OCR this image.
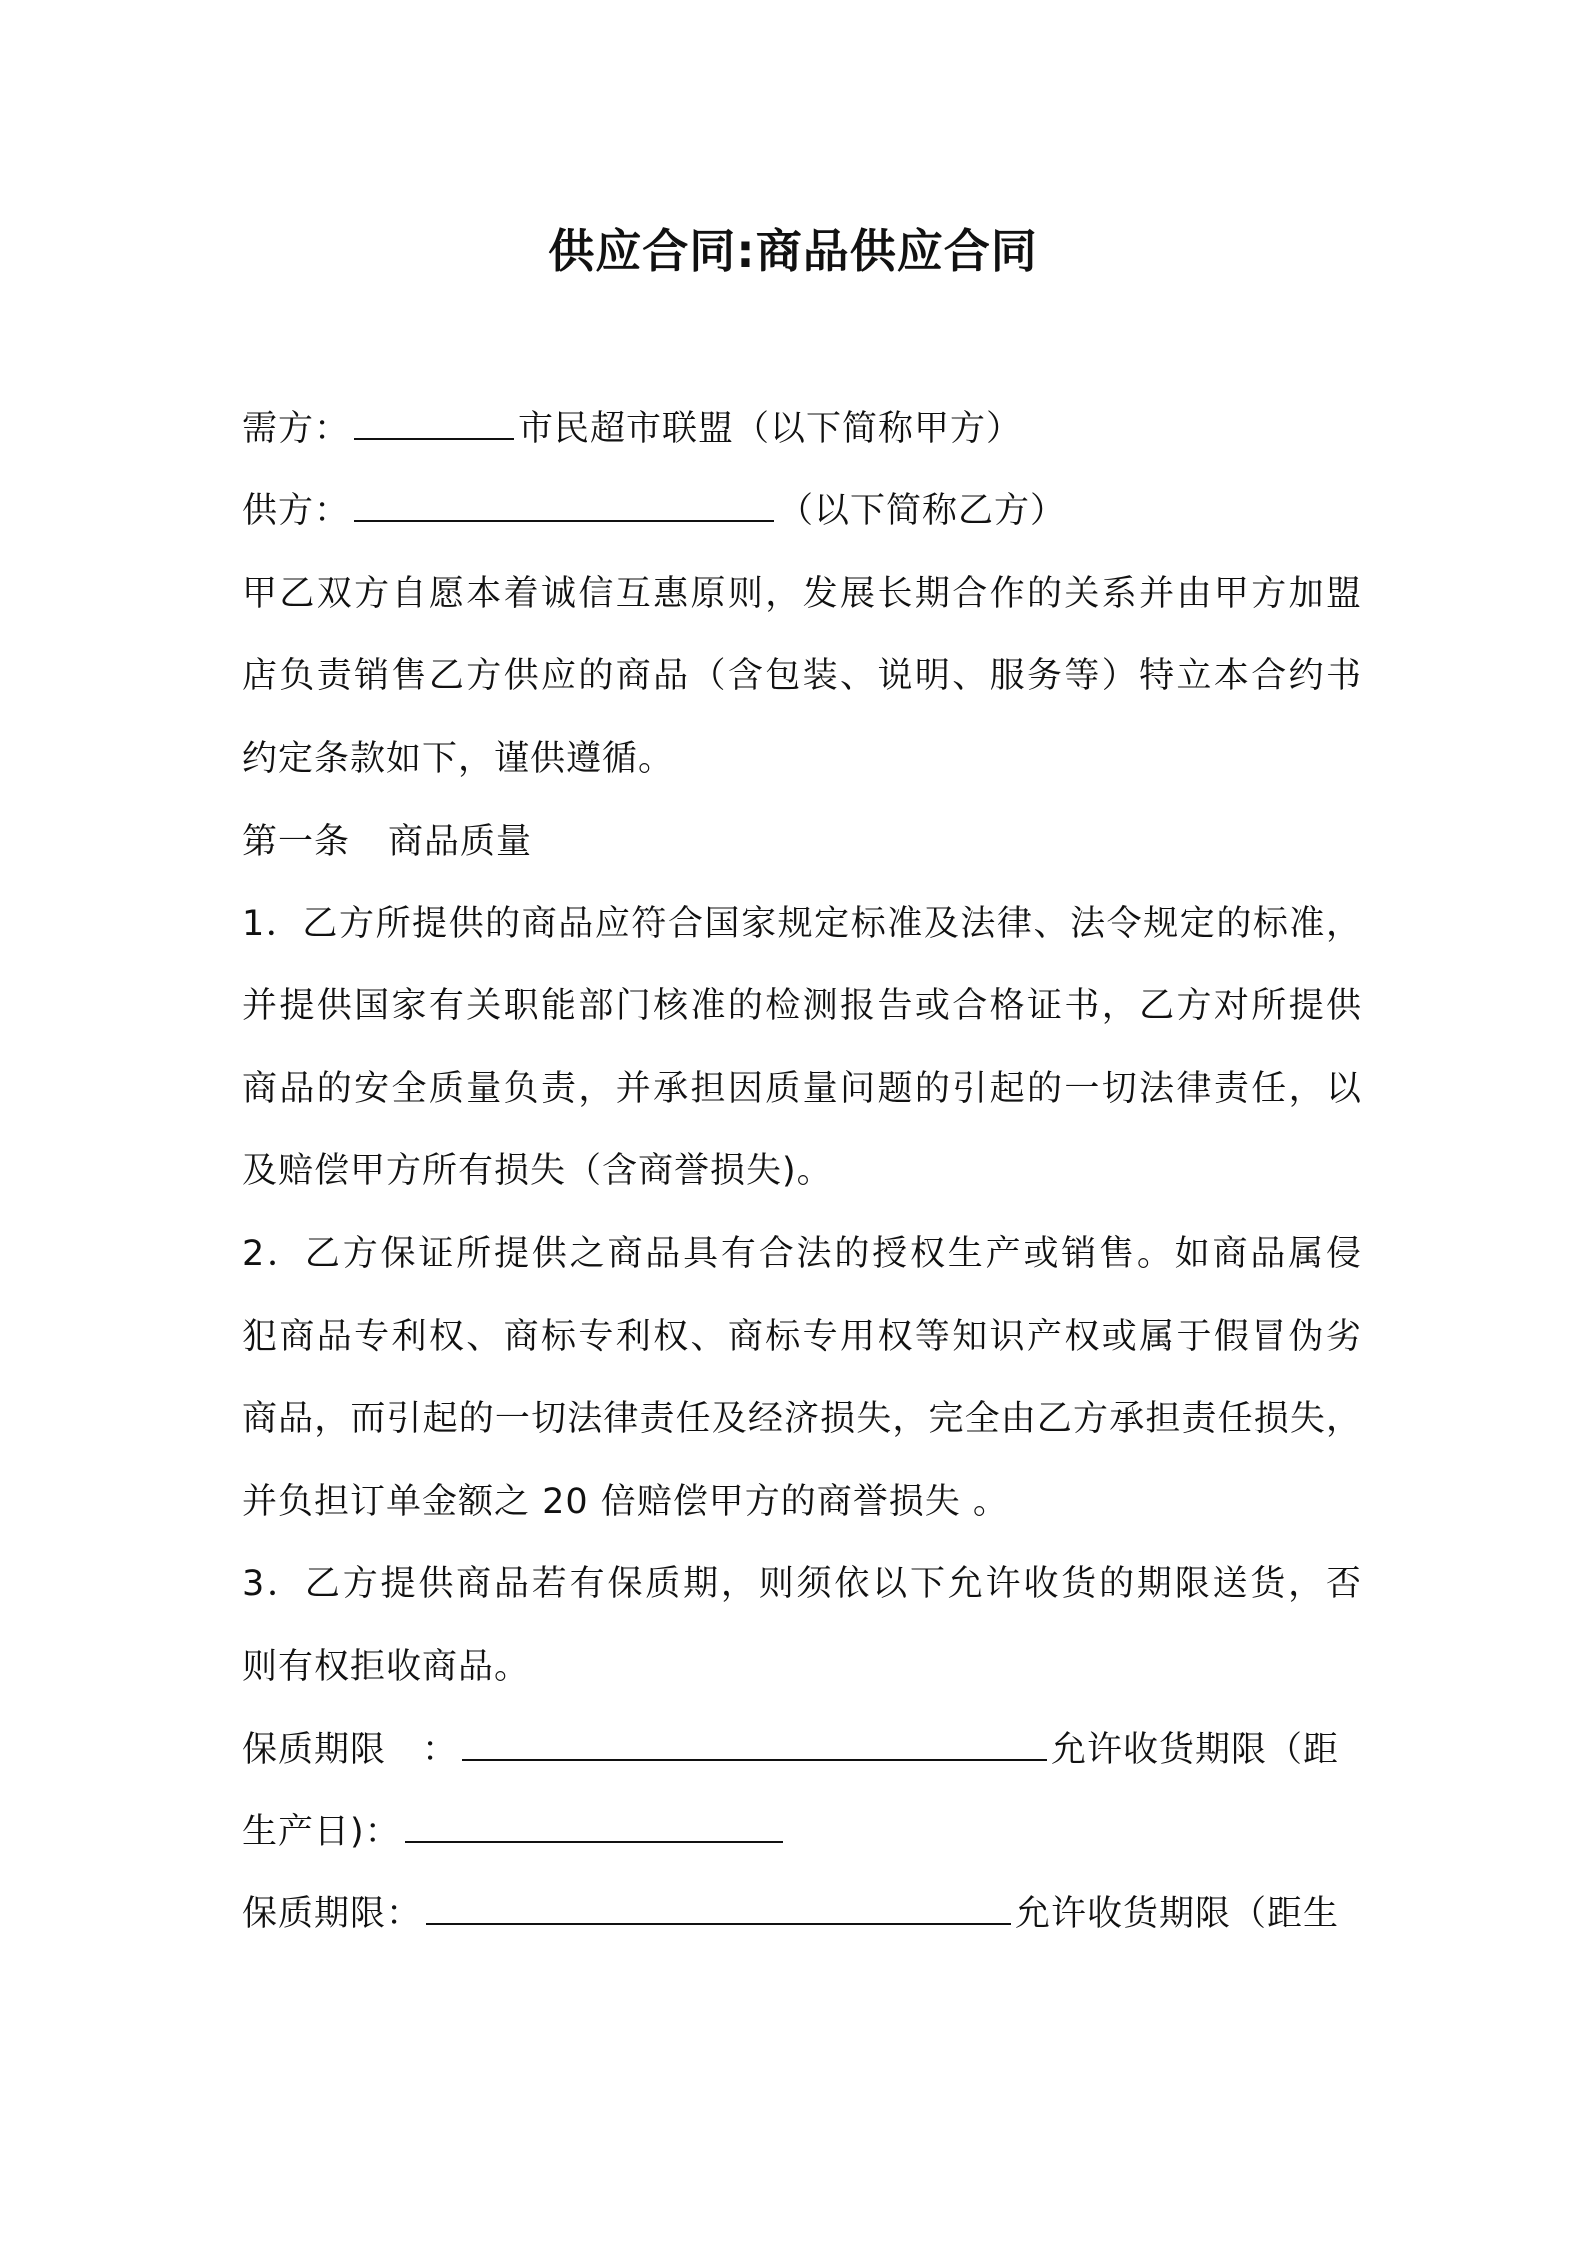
供应合同:商品供应合同
需方：	市民超市联盟（以下简称甲方）
供方：	（以下简称乙方）
甲乙双方自愿本着诚信互惠原则，发展长期合作的关系并由甲方加盟
店负责销售乙方供应的商品（含包装、说明、服务等）特立本合约书
约定条款如下，谨供遵循。
第一条 商品质量
1．乙方所提供的商品应符合国家规定标准及法律、法令规定的标准，
并提供国家有关职能部门核准的检测报告或合格证书，乙方对所提供
商品的安全质量负责，并承担因质量问题的引起的一切法律责任，以
及赔偿甲方所有损失（含商誉损失)。
2．乙方保证所提供之商品具有合法的授权生产或销售。如商品属侵
犯商品专利权、商标专利权、商标专用权等知识产权或属于假冒伪劣
商品，而引起的一切法律责任及经济损失，完全由乙方承担责任损失，
并负担订单金额之 20 倍赔偿甲方的商誉损失 。
3．乙方提供商品若有保质期，则须依以下允许收货的期限送货，否
则有权拒收商品。
保质期限　：	允许收货期限（距
生产日)：
保质期限：	允许收货期限（距生
